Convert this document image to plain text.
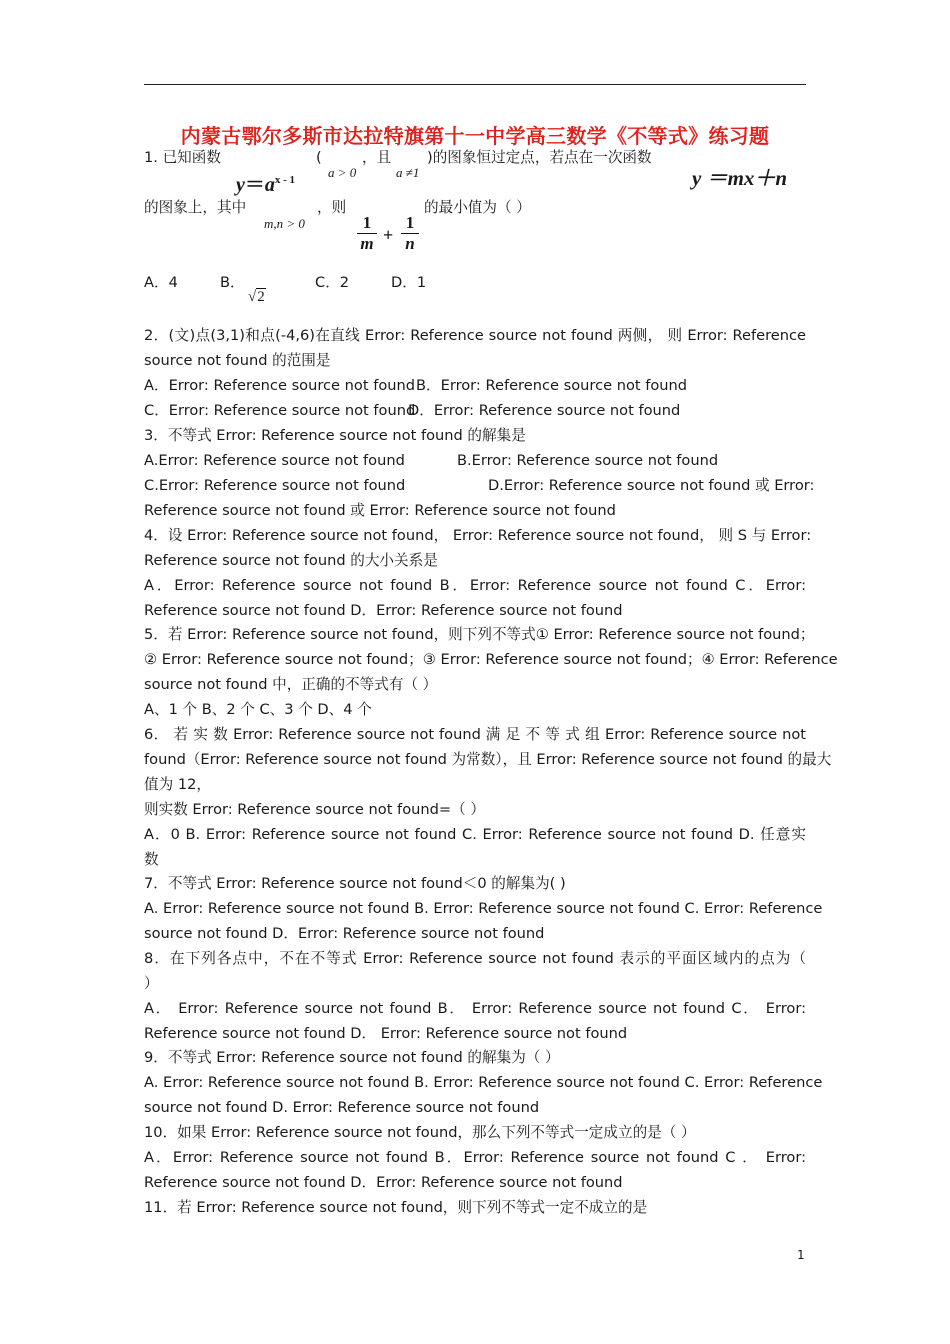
内蒙古鄂尔多斯市达拉特旗第十一中学高三数学《不等式》练习题
1. 已知函数	(	，且 )的图象恒过定点，若点在一次函数
$y=a^{x - 1}$	a > 0	a ≠1	y ＝mx＋n
的图象上，其中	，则	的最小值为（ ）
m,n > 0	1
m +
1
n
A．4	B．
√2
C．2	D．1
2．(文)点(3,1)和点(-4,6)在直线 Error: Reference source not found 两侧， 则 Error: Reference
source not found 的范围是
A．Error: Reference source not found B．Error: Reference source not found
C．Error: Reference source not found
D．Error: Reference source not found
3．不等式 Error: Reference source not found 的解集是
A.Error: Reference source not found	B.Error: Reference source not found
C.Error: Reference source not found	D.Error: Reference source not found 或 Error:
Reference source not found 或 Error: Reference source not found
4．设 Error: Reference source not found， Error: Reference source not found， 则 S 与 Error:
Reference source not found 的大小关系是
A．Error: Reference source not found B．Error: Reference source not found C．Error:
Reference source not found D．Error: Reference source not found
5．若 Error: Reference source not found，则下列不等式① Error: Reference source not found；
② Error: Reference source not found；③ Error: Reference source not found；④ Error: Reference
source not found 中，正确的不等式有（ ）
A、1 个 B、2 个 C、3 个 D、4 个
6． 若 实 数 Error: Reference source not found 满 足 不 等 式 组 Error: Reference source not
found（Error: Reference source not found 为常数），且 Error: Reference source not found 的最大
值为 12，
则实数 Error: Reference source not found=（ ）
A．0 B. Error: Reference source not found C. Error: Reference source not found D. 任意实
数
7．不等式 Error: Reference source not found＜0 的解集为( )
A. Error: Reference source not found B. Error: Reference source not found C. Error: Reference
source not found D．Error: Reference source not found
8．在下列各点中，不在不等式 Error: Reference source not found 表示的平面区域内的点为（
）
A． Error: Reference source not found B． Error: Reference source not found C． Error:
Reference source not found D． Error: Reference source not found
9．不等式 Error: Reference source not found 的解集为（ ）
A. Error: Reference source not found B. Error: Reference source not found C. Error: Reference
source not found D. Error: Reference source not found
10．如果 Error: Reference source not found，那么下列不等式一定成立的是（ ）
A．Error: Reference source not found B．Error: Reference source not found C ． Error:
Reference source not found D．Error: Reference source not found
11．若 Error: Reference source not found，则下列不等式一定不成立的是
1
